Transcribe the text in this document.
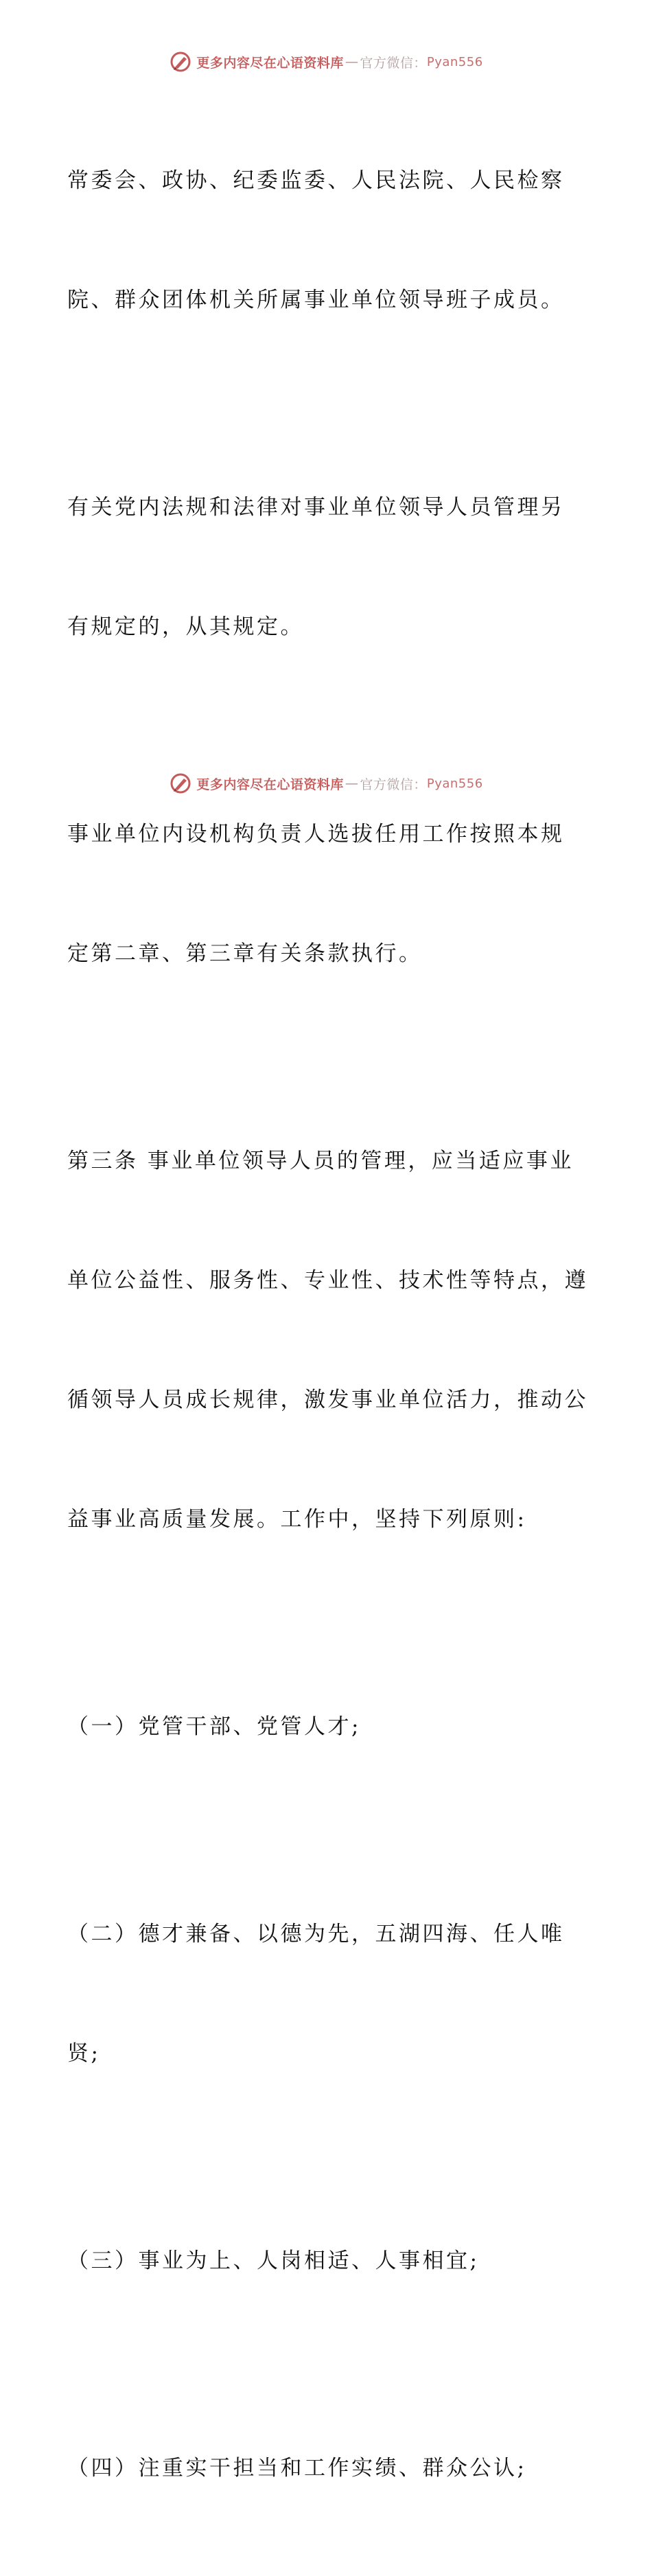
更多内容尽在心语资料库 — 官方微信： Pyan556

常委会、政协、纪委监委、人民法院、人民检察

院、群众团体机关所属事业单位领导班子成员。

有关党内法规和法律对事业单位领导人员管理另

有规定的，从其规定。

事业单位内设机构负责人选拔任用工作按照本规

定第二章、第三章有关条款执行。

第三条 事业单位领导人员的管理，应当适应事业

单位公益性、服务性、专业性、技术性等特点，遵

循领导人员成长规律，激发事业单位活力，推动公

益事业高质量发展。工作中，坚持下列原则:

（一）党管干部、党管人才;

（二）德才兼备、以德为先，五湖四海、任人唯

贤;

（三）事业为上、人岗相适、人事相宜;

（四）注重实干担当和工作实绩、群众公认;

更多内容尽在心语资料库 — 官方微信： Pyan556
